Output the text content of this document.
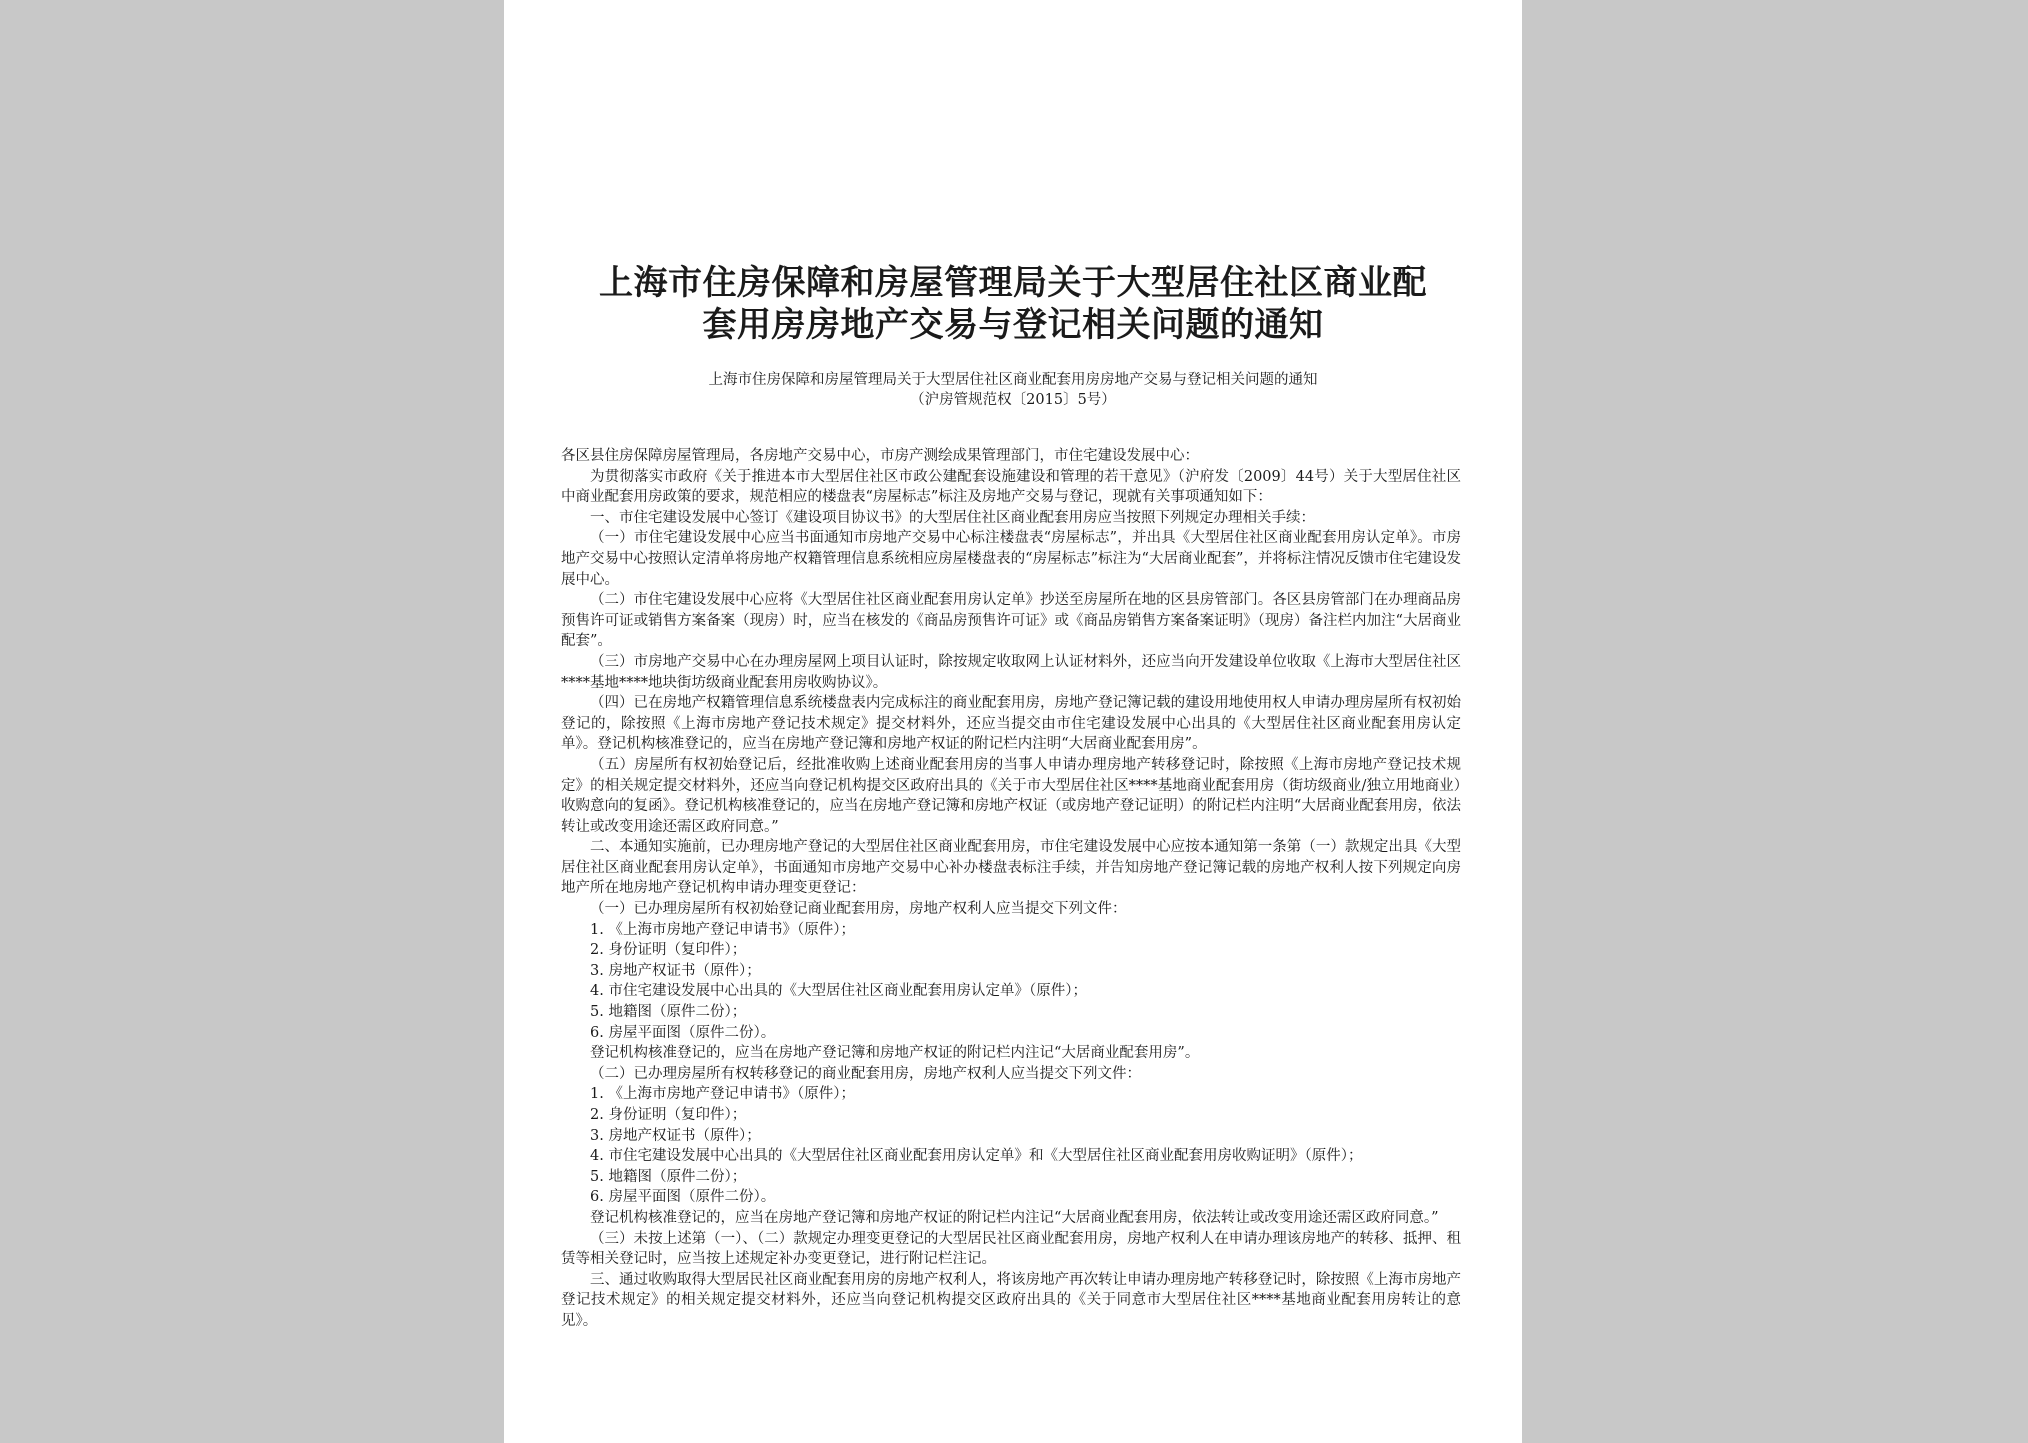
上海市住房保障和房屋管理局关于大型居住社区商业配
套用房房地产交易与登记相关问题的通知
上海市住房保障和房屋管理局关于大型居住社区商业配套用房房地产交易与登记相关问题的通知
（沪房管规范权〔2015〕5号）

各区县住房保障房屋管理局，各房地产交易中心，市房产测绘成果管理部门，市住宅建设发展中心：

为贯彻落实市政府《关于推进本市大型居住社区市政公建配套设施建设和管理的若干意见》（沪府发〔2009〕44号）关于大型居住社区中商业配套用房政策的要求，规范相应的楼盘表“房屋标志”标注及房地产交易与登记，现就有关事项通知如下：

一、市住宅建设发展中心签订《建设项目协议书》的大型居住社区商业配套用房应当按照下列规定办理相关手续：

（一）市住宅建设发展中心应当书面通知市房地产交易中心标注楼盘表“房屋标志”，并出具《大型居住社区商业配套用房认定单》。市房地产交易中心按照认定清单将房地产权籍管理信息系统相应房屋楼盘表的“房屋标志”标注为“大居商业配套”，并将标注情况反馈市住宅建设发展中心。

（二）市住宅建设发展中心应将《大型居住社区商业配套用房认定单》抄送至房屋所在地的区县房管部门。各区县房管部门在办理商品房预售许可证或销售方案备案（现房）时，应当在核发的《商品房预售许可证》或《商品房销售方案备案证明》（现房）备注栏内加注“大居商业配套”。

（三）市房地产交易中心在办理房屋网上项目认证时，除按规定收取网上认证材料外，还应当向开发建设单位收取《上海市大型居住社区****基地****地块街坊级商业配套用房收购协议》。

（四）已在房地产权籍管理信息系统楼盘表内完成标注的商业配套用房，房地产登记簿记载的建设用地使用权人申请办理房屋所有权初始登记的，除按照《上海市房地产登记技术规定》提交材料外，还应当提交由市住宅建设发展中心出具的《大型居住社区商业配套用房认定单》。登记机构核准登记的，应当在房地产登记簿和房地产权证的附记栏内注明“大居商业配套用房”。

（五）房屋所有权初始登记后，经批准收购上述商业配套用房的当事人申请办理房地产转移登记时，除按照《上海市房地产登记技术规定》的相关规定提交材料外，还应当向登记机构提交区政府出具的《关于市大型居住社区****基地商业配套用房（街坊级商业/独立用地商业）收购意向的复函》。登记机构核准登记的，应当在房地产登记簿和房地产权证（或房地产登记证明）的附记栏内注明“大居商业配套用房，依法转让或改变用途还需区政府同意。”

二、本通知实施前，已办理房地产登记的大型居住社区商业配套用房，市住宅建设发展中心应按本通知第一条第（一）款规定出具《大型居住社区商业配套用房认定单》，书面通知市房地产交易中心补办楼盘表标注手续，并告知房地产登记簿记载的房地产权利人按下列规定向房地产所在地房地产登记机构申请办理变更登记：

（一）已办理房屋所有权初始登记商业配套用房，房地产权利人应当提交下列文件：

1. 《上海市房地产登记申请书》（原件）；

2. 身份证明（复印件）；

3. 房地产权证书（原件）；

4. 市住宅建设发展中心出具的《大型居住社区商业配套用房认定单》（原件）；

5. 地籍图（原件二份）；

6. 房屋平面图（原件二份）。

登记机构核准登记的，应当在房地产登记簿和房地产权证的附记栏内注记“大居商业配套用房”。

（二）已办理房屋所有权转移登记的商业配套用房，房地产权利人应当提交下列文件：

1. 《上海市房地产登记申请书》（原件）；

2. 身份证明（复印件）；

3. 房地产权证书（原件）；

4. 市住宅建设发展中心出具的《大型居住社区商业配套用房认定单》和《大型居住社区商业配套用房收购证明》（原件）；

5. 地籍图（原件二份）；

6. 房屋平面图（原件二份）。

登记机构核准登记的，应当在房地产登记簿和房地产权证的附记栏内注记“大居商业配套用房，依法转让或改变用途还需区政府同意。”

（三）未按上述第（一）、（二）款规定办理变更登记的大型居民社区商业配套用房，房地产权利人在申请办理该房地产的转移、抵押、租赁等相关登记时，应当按上述规定补办变更登记，进行附记栏注记。

三、通过收购取得大型居民社区商业配套用房的房地产权利人，将该房地产再次转让申请办理房地产转移登记时，除按照《上海市房地产登记技术规定》的相关规定提交材料外，还应当向登记机构提交区政府出具的《关于同意市大型居住社区****基地商业配套用房转让的意见》。
